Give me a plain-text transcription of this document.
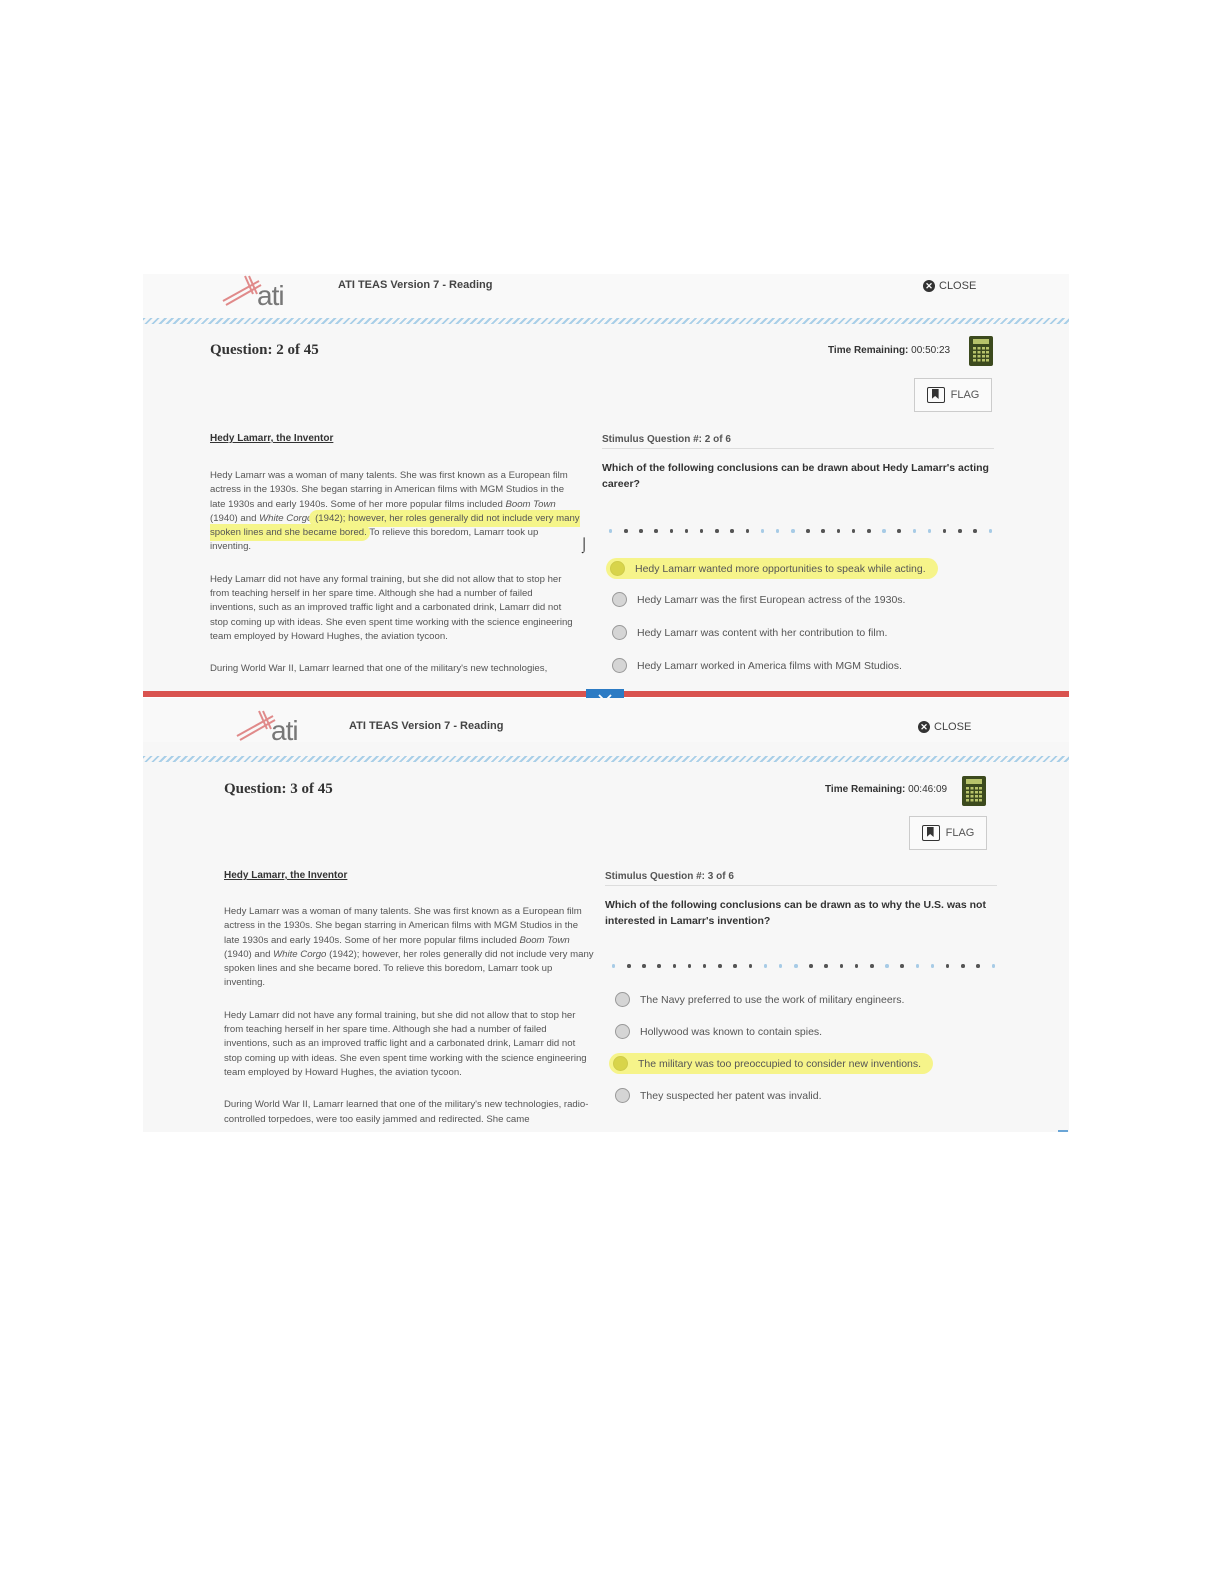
ati	ATI TEAS Version 7 - Reading	✕ CLOSE
Question: 2 of 45	Time Remaining: 00:50:23
FLAG
Hedy Lamarr, the Inventor

Hedy Lamarr was a woman of many talents. She was first known as a European film actress in the 1930s. She began starring in American films with MGM Studios in the late 1930s and early 1940s. Some of her more popular films included Boom Town (1940) and White Corgo (1942); however, her roles generally did not include very many spoken lines and she became bored. To relieve this boredom, Lamarr took up inventing.

Hedy Lamarr did not have any formal training, but she did not allow that to stop her from teaching herself in her spare time. Although she had a number of failed inventions, such as an improved traffic light and a carbonated drink, Lamarr did not stop coming up with ideas. She even spent time working with the science engineering team employed by Howard Hughes, the aviation tycoon.

During World War II, Lamarr learned that one of the military's new technologies,

Stimulus Question #: 2 of 6
Which of the following conclusions can be drawn about Hedy Lamarr's acting career?
⌡
Hedy Lamarr wanted more opportunities to speak while acting.
Hedy Lamarr was the first European actress of the 1930s.
Hedy Lamarr was content with her contribution to film.
Hedy Lamarr worked in America films with MGM Studios.
ati	ATI TEAS Version 7 - Reading	✕ CLOSE
Question: 3 of 45	Time Remaining: 00:46:09
FLAG
Hedy Lamarr, the Inventor

Hedy Lamarr was a woman of many talents. She was first known as a European film actress in the 1930s. She began starring in American films with MGM Studios in the late 1930s and early 1940s. Some of her more popular films included Boom Town (1940) and White Corgo (1942); however, her roles generally did not include very many spoken lines and she became bored. To relieve this boredom, Lamarr took up inventing.

Hedy Lamarr did not have any formal training, but she did not allow that to stop her from teaching herself in her spare time. Although she had a number of failed inventions, such as an improved traffic light and a carbonated drink, Lamarr did not stop coming up with ideas. She even spent time working with the science engineering team employed by Howard Hughes, the aviation tycoon.

During World War II, Lamarr learned that one of the military's new technologies, radio-controlled torpedoes, were too easily jammed and redirected. She came

Stimulus Question #: 3 of 6
Which of the following conclusions can be drawn as to why the U.S. was not interested in Lamarr's invention?
The Navy preferred to use the work of military engineers.
Hollywood was known to contain spies.
The military was too preoccupied to consider new inventions.
They suspected her patent was invalid.
